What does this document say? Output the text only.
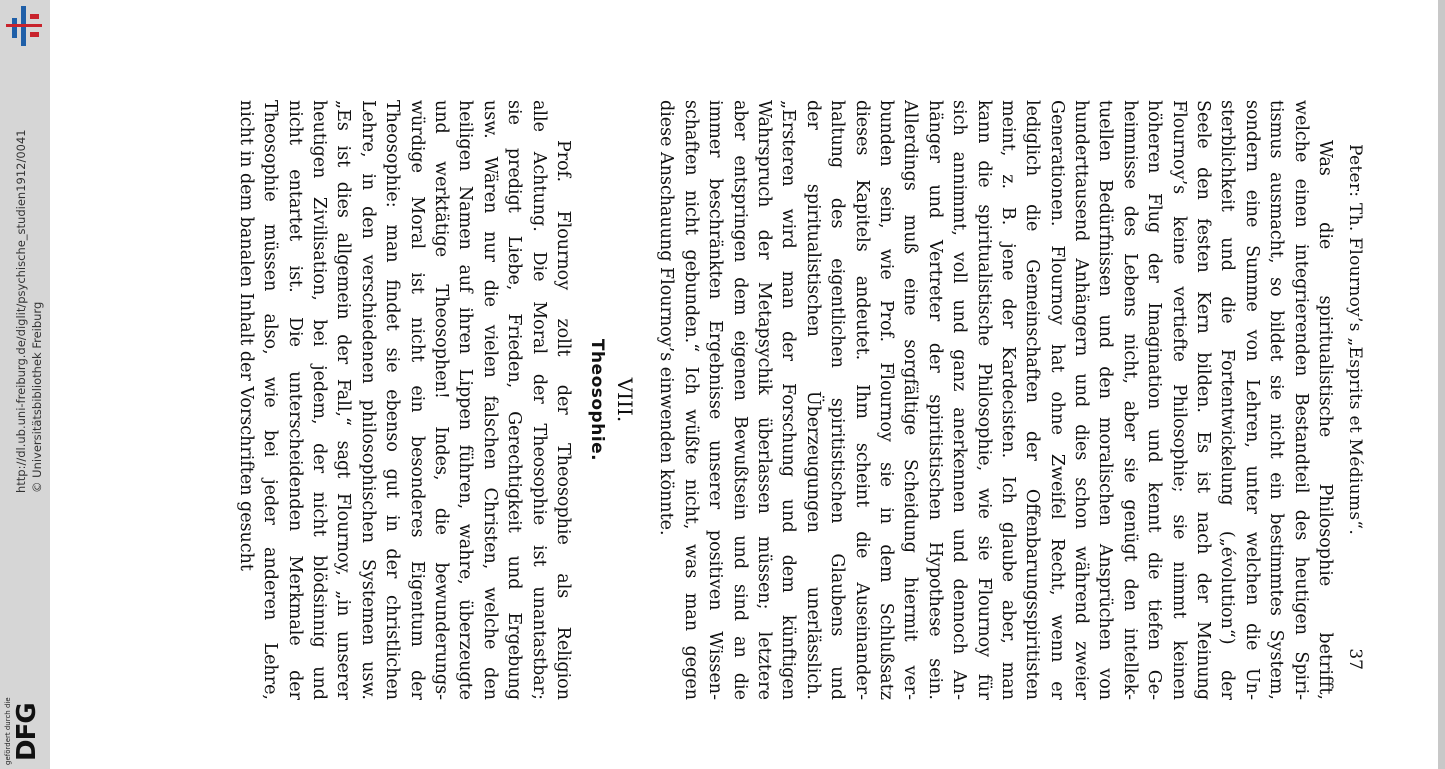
http://dl.ub.uni-freiburg.de/diglit/psychische_studien1912/0041 © Universitätsbibliothek Freiburg
gefördert durch die DFG
Peter: Th. Flournoy’s „Esprits et Médiums“.
37
Was die spiritualistische Philosophie betrifft,
welche einen integrierenden Bestandteil des heutigen Spiri-
tismus ausmacht, so bildet sie nicht ein bestimmtes System,
sondern eine Summe von Lehren, unter welchen die Un-
sterblichkeit und die Fortentwickelung („évolution“) der
Seele den festen Kern bilden. Es ist nach der Meinung
Flournoy’s keine vertiefte Philosophie; sie nimmt keinen
höheren Flug der Imagination und kennt die tiefen Ge-
heimnisse des Lebens nicht, aber sie genügt den intellek-
tuellen Bedürfnissen und den moralischen Ansprüchen von
hunderttausend Anhängern und dies schon während zweier
Generationen. Flournoy hat ohne Zweifel Recht, wenn er
lediglich die Gemeinschaften der Offenbarungsspiritisten
meint, z. B. jene der Kardecisten. Ich glaube aber, man
kann die spiritualistische Philosophie, wie sie Flournoy für
sich annimmt, voll und ganz anerkennen und dennoch An-
hänger und Vertreter der spiritistischen Hypothese sein.
Allerdings muß eine sorgfältige Scheidung hiermit ver-
bunden sein, wie Prof. Flournoy sie in dem Schlußsatz
dieses Kapitels andeutet. Ihm scheint die Auseinander-
haltung des eigentlichen spiritistischen Glaubens und
der spiritualistischen Überzeugungen unerlässlich.
„Ersteren wird man der Forschung und dem künftigen
Wahrspruch der Metapsychik überlassen müssen; letztere
aber entspringen dem eigenen Bewußtsein und sind an die
immer beschränkten Ergebnisse unserer positiven Wissen-
schaften nicht gebunden.“ Ich wüßte nicht, was man gegen
diese Anschauung Flournoy’s einwenden könnte.
VIII.
Theosophie.
Prof. Flournoy zollt der Theosophie als Religion
alle Achtung. Die Moral der Theosophie ist unantastbar;
sie predigt Liebe, Frieden, Gerechtigkeit und Ergebung
usw. Wären nur die vielen falschen Christen, welche den
heiligen Namen auf ihren Lippen führen, wahre, überzeugte
und werktätige Theosophen! Indes, die bewunderungs-
würdige Moral ist nicht ein besonderes Eigentum der
Theosophie: man findet sie ebenso gut in der christlichen
Lehre, in den verschiedenen philosophischen Systemen usw.
„Es ist dies allgemein der Fall,“ sagt Flournoy, „in unserer
heutigen Zivilisation, bei jedem, der nicht blödsinnig und
nicht entartet ist. Die unterscheidenden Merkmale der
Theosophie müssen also, wie bei jeder anderen Lehre,
nicht in dem banalen Inhalt der Vorschriften gesucht
